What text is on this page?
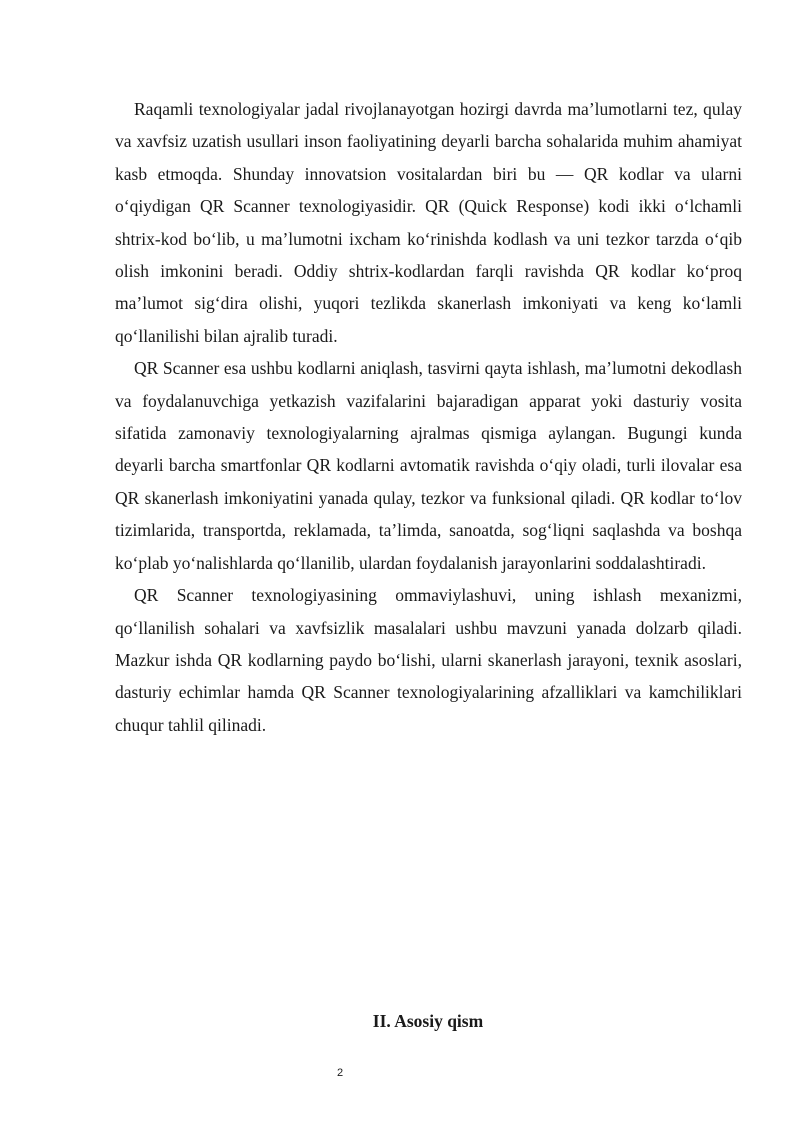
Raqamli texnologiyalar jadal rivojlanayotgan hozirgi davrda ma’lumotlarni tez, qulay va xavfsiz uzatish usullari inson faoliyatining deyarli barcha sohalarida muhim ahamiyat kasb etmoqda. Shunday innovatsion vositalardan biri bu — QR kodlar va ularni o‘qiydigan QR Scanner texnologiyasidir. QR (Quick Response) kodi ikki o‘lchamli shtrix-kod bo‘lib, u ma’lumotni ixcham ko‘rinishda kodlash va uni tezkor tarzda o‘qib olish imkonini beradi. Oddiy shtrix-kodlardan farqli ravishda QR kodlar ko‘proq ma’lumot sig‘dira olishi, yuqori tezlikda skanerlash imkoniyati va keng ko‘lamli qo‘llanilishi bilan ajralib turadi.

QR Scanner esa ushbu kodlarni aniqlash, tasvirni qayta ishlash, ma’lumotni dekodlash va foydalanuvchiga yetkazish vazifalarini bajaradigan apparat yoki dasturiy vosita sifatida zamonaviy texnologiyalarning ajralmas qismiga aylangan. Bugungi kunda deyarli barcha smartfonlar QR kodlarni avtomatik ravishda o‘qiy oladi, turli ilovalar esa QR skanerlash imkoniyatini yanada qulay, tezkor va funksional qiladi. QR kodlar to‘lov tizimlarida, transportda, reklamada, ta’limda, sanoatda, sog‘liqni saqlashda va boshqa ko‘plab yo‘nalishlarda qo‘llanilib, ulardan foydalanish jarayonlarini soddalashtiradi.

QR Scanner texnologiyasining ommaviylashuvi, uning ishlash mexanizmi, qo‘llanilish sohalari va xavfsizlik masalalari ushbu mavzuni yanada dolzarb qiladi. Mazkur ishda QR kodlarning paydo bo‘lishi, ularni skanerlash jarayoni, texnik asoslari, dasturiy echimlar hamda QR Scanner texnologiyalarining afzalliklari va kamchiliklari chuqur tahlil qilinadi.

II. Asosiy qism
2
